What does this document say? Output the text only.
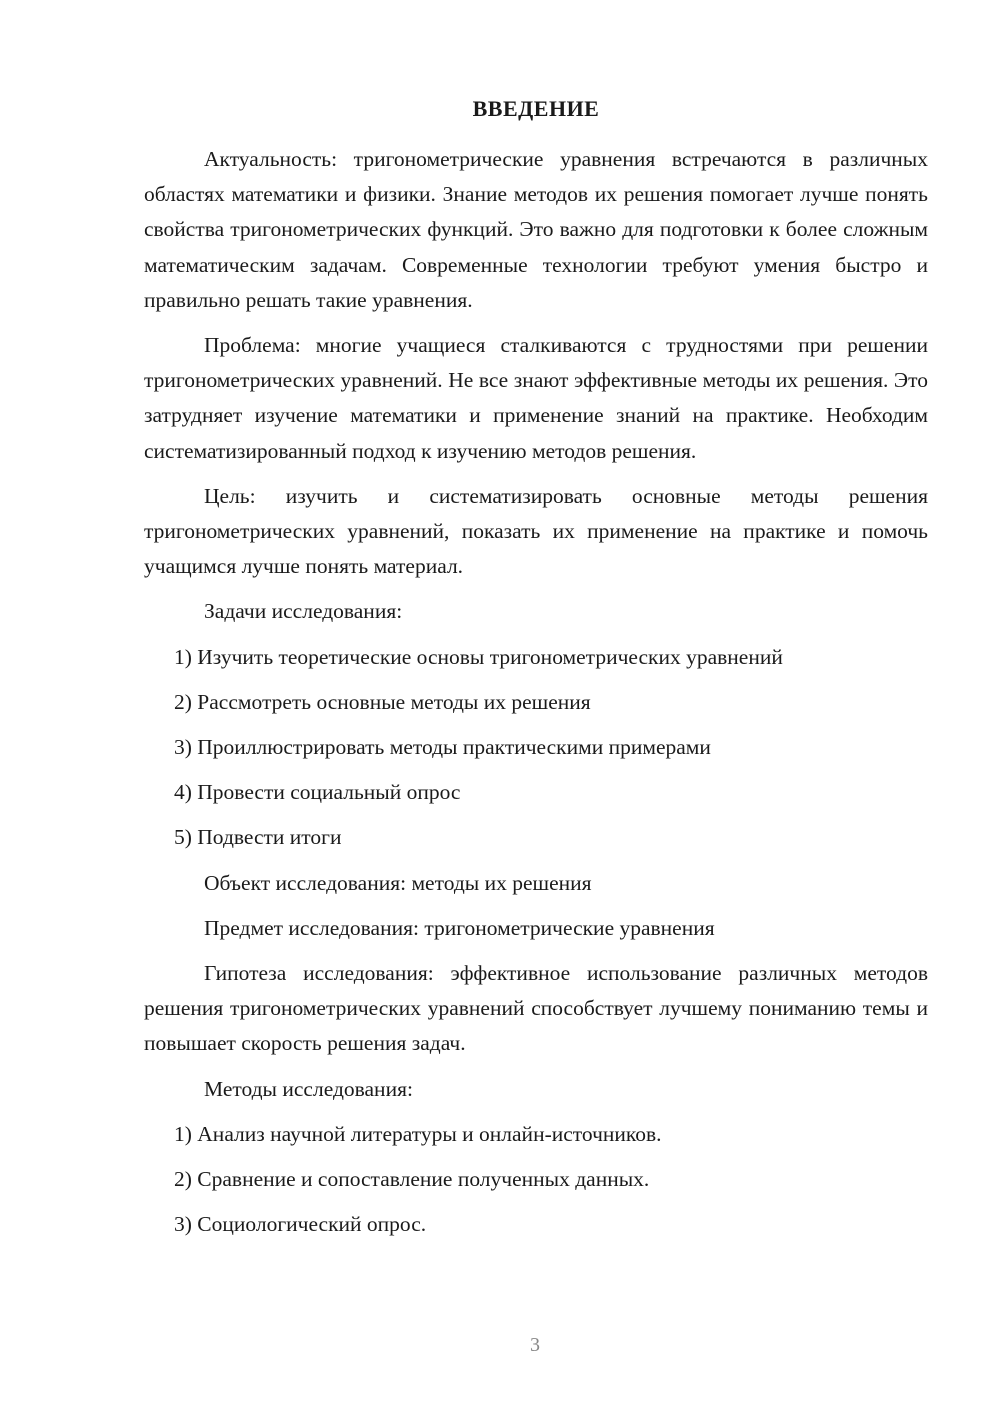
ВВЕДЕНИЕ

Актуальность: тригонометрические уравнения встречаются в различных областях математики и физики. Знание методов их решения помогает лучше понять свойства тригонометрических функций. Это важно для подготовки к более сложным математическим задачам. Современные технологии требуют умения быстро и правильно решать такие уравнения.

Проблема: многие учащиеся сталкиваются с трудностями при решении тригонометрических уравнений. Не все знают эффективные методы их решения. Это затрудняет изучение математики и применение знаний на практике. Необходим систематизированный подход к изучению методов решения.

Цель: изучить и систематизировать основные методы решения тригонометрических уравнений, показать их применение на практике и помочь учащимся лучше понять материал.

Задачи исследования:

1) Изучить теоретические основы тригонометрических уравнений
2) Рассмотреть основные методы их решения
3) Проиллюстрировать методы практическими примерами
4) Провести социальный опрос
5) Подвести итоги

Объект исследования: методы их решения

Предмет исследования: тригонометрические уравнения

Гипотеза исследования: эффективное использование различных методов решения тригонометрических уравнений способствует лучшему пониманию темы и повышает скорость решения задач.

Методы исследования:

1) Анализ научной литературы и онлайн-источников.
2) Сравнение и сопоставление полученных данных.
3) Социологический опрос.
3
